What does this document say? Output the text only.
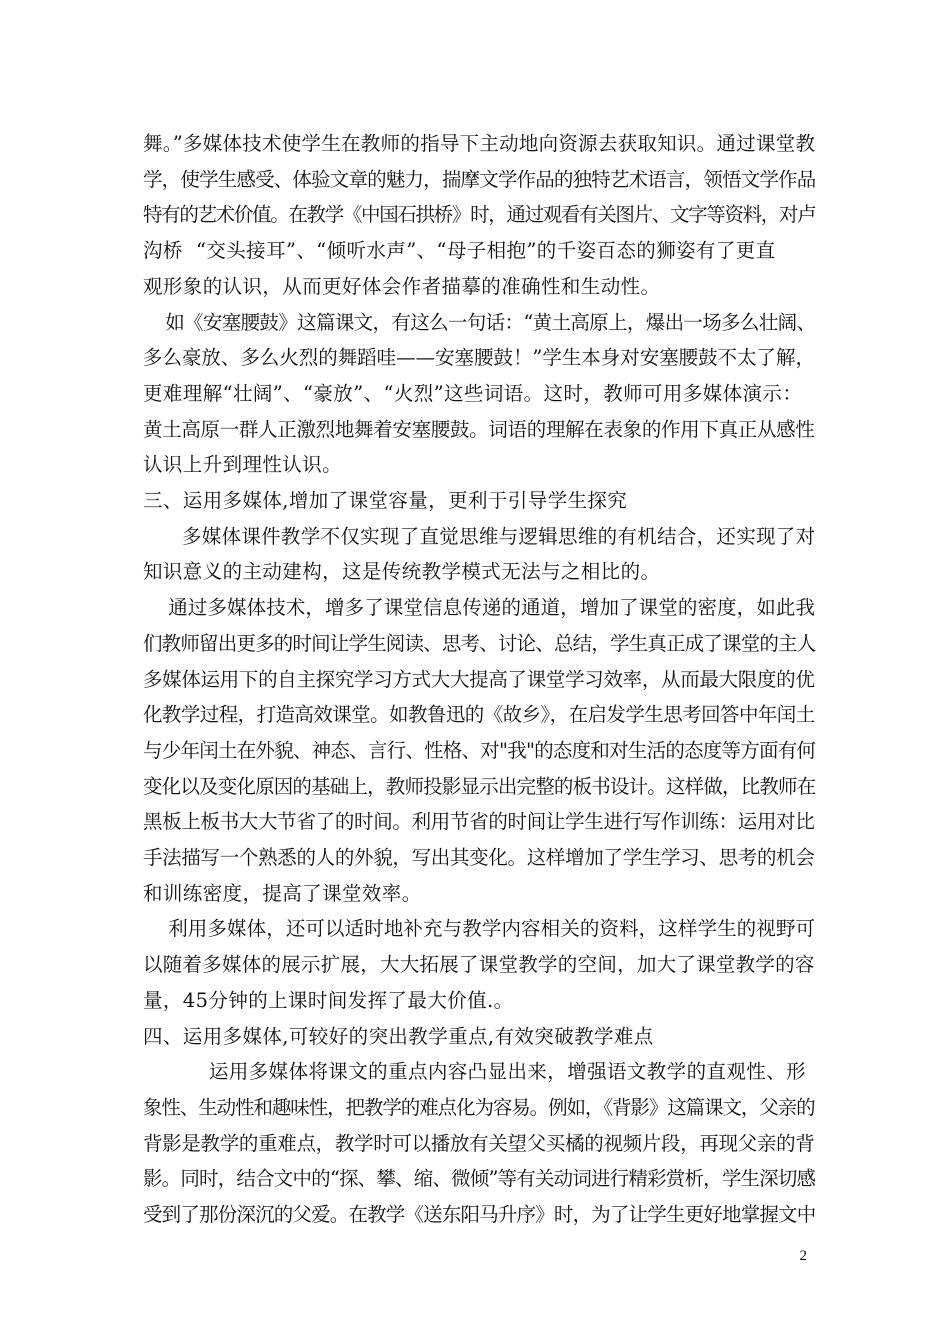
舞。”多媒体技术使学生在教师的指导下主动地向资源去获取知识。通过课堂教
学，使学生感受、体验文章的魅力，揣摩文学作品的独特艺术语言，领悟文学作品
特有的艺术价值。在教学《中国石拱桥》时，通过观看有关图片、文字等资料，对卢
沟桥  “交头接耳”、“倾听水声”、“母子相抱”的千姿百态的狮姿有了更直
观形象的认识，从而更好体会作者描摹的准确性和生动性。
如《安塞腰鼓》这篇课文，有这么一句话：“黄土高原上，爆出一场多么壮阔、
多么豪放、多么火烈的舞蹈哇——安塞腰鼓！”学生本身对安塞腰鼓不太了解，
更难理解“壮阔”、“豪放”、“火烈”这些词语。这时，教师可用多媒体演示：
黄土高原一群人正激烈地舞着安塞腰鼓。词语的理解在表象的作用下真正从感性
认识上升到理性认识。
三、运用多媒体,增加了课堂容量，更利于引导学生探究
多媒体课件教学不仅实现了直觉思维与逻辑思维的有机结合，还实现了对
知识意义的主动建构，这是传统教学模式无法与之相比的。
通过多媒体技术，增多了课堂信息传递的通道，增加了课堂的密度，如此我
们教师留出更多的时间让学生阅读、思考、讨论、总结，学生真正成了课堂的主人
多媒体运用下的自主探究学习方式大大提高了课堂学习效率，从而最大限度的优
化教学过程，打造高效课堂。如教鲁迅的《故乡》，在启发学生思考回答中年闰土
与少年闰土在外貌、神态、言行、性格、对"我"的态度和对生活的态度等方面有何
变化以及变化原因的基础上，教师投影显示出完整的板书设计。这样做，比教师在
黑板上板书大大节省了的时间。利用节省的时间让学生进行写作训练：运用对比
手法描写一个熟悉的人的外貌，写出其变化。这样增加了学生学习、思考的机会
和训练密度，提高了课堂效率。
利用多媒体，还可以适时地补充与教学内容相关的资料，这样学生的视野可
以随着多媒体的展示扩展，大大拓展了课堂教学的空间，加大了课堂教学的容
量，45分钟的上课时间发挥了最大价值.。
四、运用多媒体,可较好的突出教学重点,有效突破教学难点
运用多媒体将课文的重点内容凸显出来，增强语文教学的直观性、形
象性、生动性和趣味性，把教学的难点化为容易。例如，《背影》这篇课文，父亲的
背影是教学的重难点，教学时可以播放有关望父买橘的视频片段，再现父亲的背
影。同时，结合文中的“探、攀、缩、微倾”等有关动词进行精彩赏析，学生深切感
受到了那份深沉的父爱。在教学《送东阳马升序》时，为了让学生更好地掌握文中
2
